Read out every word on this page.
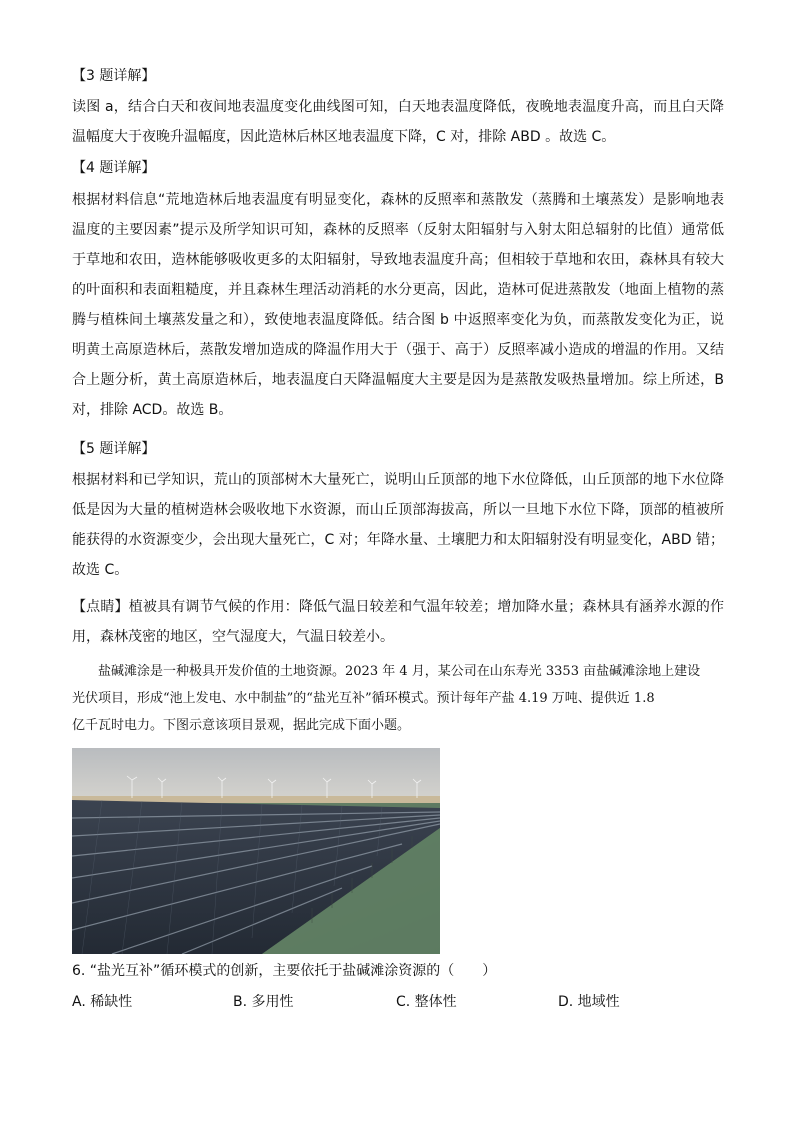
【3 题详解】
读图 a，结合白天和夜间地表温度变化曲线图可知，白天地表温度降低，夜晚地表温度升高，而且白天降
温幅度大于夜晚升温幅度，因此造林后林区地表温度下降，C 对，排除 ABD 。故选 C。
【4 题详解】
根据材料信息“荒地造林后地表温度有明显变化，森林的反照率和蒸散发（蒸腾和土壤蒸发）是影响地表
温度的主要因素”提示及所学知识可知，森林的反照率（反射太阳辐射与入射太阳总辐射的比值）通常低
于草地和农田，造林能够吸收更多的太阳辐射，导致地表温度升高；但相较于草地和农田，森林具有较大
的叶面积和表面粗糙度，并且森林生理活动消耗的水分更高，因此，造林可促进蒸散发（地面上植物的蒸
腾与植株间土壤蒸发量之和），致使地表温度降低。结合图 b 中返照率变化为负，而蒸散发变化为正，说
明黄土高原造林后，蒸散发增加造成的降温作用大于（强于、高于）反照率减小造成的增温的作用。又结
合上题分析，黄土高原造林后，地表温度白天降温幅度大主要是因为是蒸散发吸热量增加。综上所述，B
对，排除 ACD。故选 B。
【5 题详解】
根据材料和已学知识，荒山的顶部树木大量死亡，说明山丘顶部的地下水位降低，山丘顶部的地下水位降
低是因为大量的植树造林会吸收地下水资源，而山丘顶部海拔高，所以一旦地下水位下降，顶部的植被所
能获得的水资源变少，会出现大量死亡，C 对；年降水量、土壤肥力和太阳辐射没有明显变化，ABD 错；
故选 C。
【点睛】植被具有调节气候的作用：降低气温日较差和气温年较差；增加降水量；森林具有涵养水源的作
用，森林茂密的地区，空气湿度大，气温日较差小。
　　盐碱滩涂是一种极具开发价值的土地资源。2023 年 4 月，某公司在山东寿光 3353 亩盐碱滩涂地上建设
光伏项目，形成“池上发电、水中制盐”的“盐光互补”循环模式。预计每年产盐 4.19 万吨、提供近 1.8
亿千瓦时电力。下图示意该项目景观，据此完成下面小题。
6. “盐光互补”循环模式的创新，主要依托于盐碱滩涂资源的（　　）
A. 稀缺性	B. 多用性	C. 整体性	D. 地域性
